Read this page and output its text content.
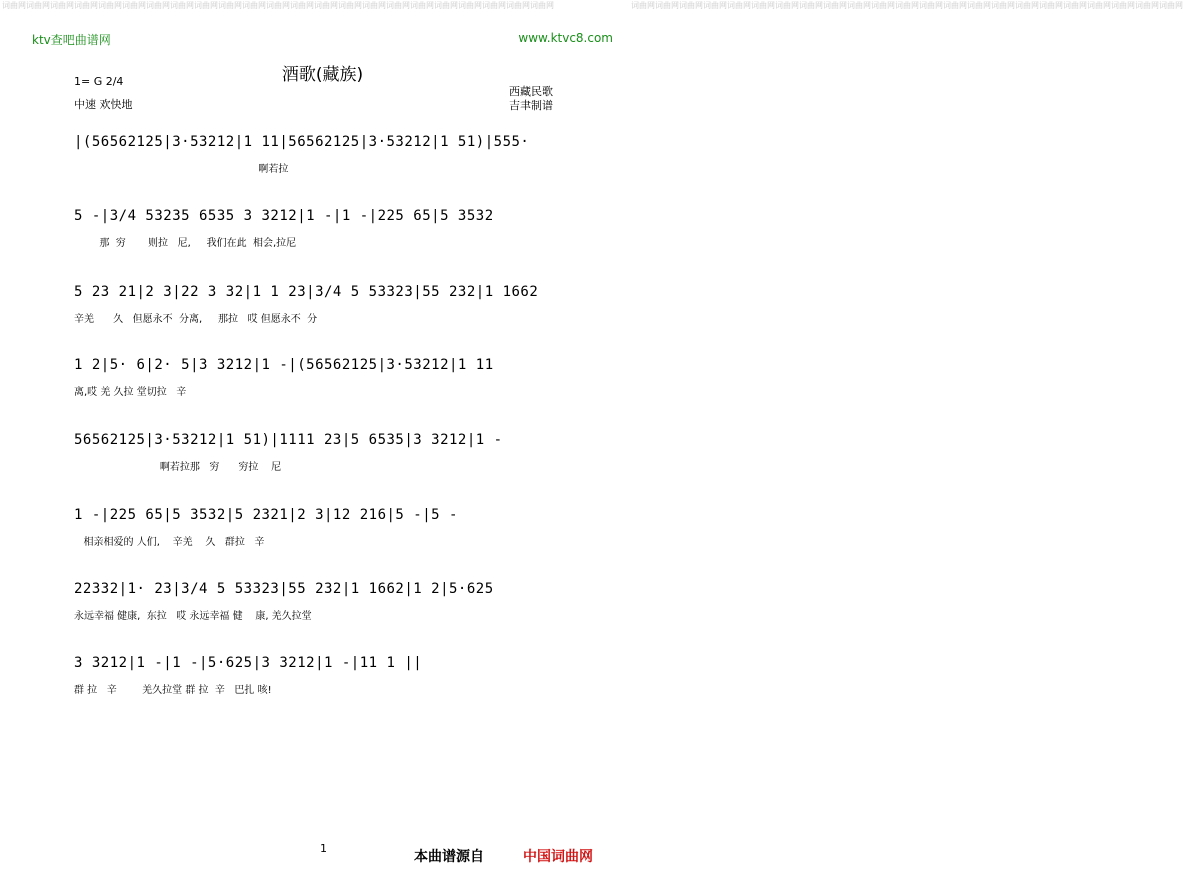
词曲网词曲网词曲网词曲网词曲网词曲网词曲网词曲网词曲网词曲网词曲网词曲网词曲网词曲网词曲网词曲网词曲网词曲网词曲网词曲网词曲网词曲网词曲网	词曲网词曲网词曲网词曲网词曲网词曲网词曲网词曲网词曲网词曲网词曲网词曲网词曲网词曲网词曲网词曲网词曲网词曲网词曲网词曲网词曲网词曲网词曲网
ktv查吧曲谱网	www.ktvc8.com
酒歌(藏族)
1= G 2/4
中速 欢快地
西藏民歌
吉聿制谱
|(56562125|3·53212|1 11|56562125|3·53212|1 51)|555·
啊若拉
5 -|3/4 53235 6535 3 3212|1 -|1 -|225 65|5 3532
那  穷       则拉   尼,     我们在此  相会,拉尼
5 23 21|2 3|22 3 32|1 1 23|3/4 5 53323|55 232|1 1662
辛羌      久   但愿永不  分离,     那拉   哎 但愿永不  分
1 2|5· 6|2· 5|3 3212|1 -|(56562125|3·53212|1 11
离,哎 羌 久拉 堂切拉   辛
56562125|3·53212|1 51)|1111 23|5 6535|3 3212|1 -
啊若拉那   穷      穷拉    尼
1 -|225 65|5 3532|5 2321|2 3|12 216|5 -|5 -
相亲相爱的 人们,    辛羌    久   群拉   辛
22332|1· 23|3/4 5 53323|55 232|1 1662|1 2|5·625
永远幸福 健康,  东拉   哎 永远幸福 健    康, 羌久拉堂
3 3212|1 -|1 -|5·625|3 3212|1 -|11 1 ||
群 拉   辛        羌久拉堂 群 拉  辛   巴扎 咳!
1
本曲谱源自	中国词曲网
